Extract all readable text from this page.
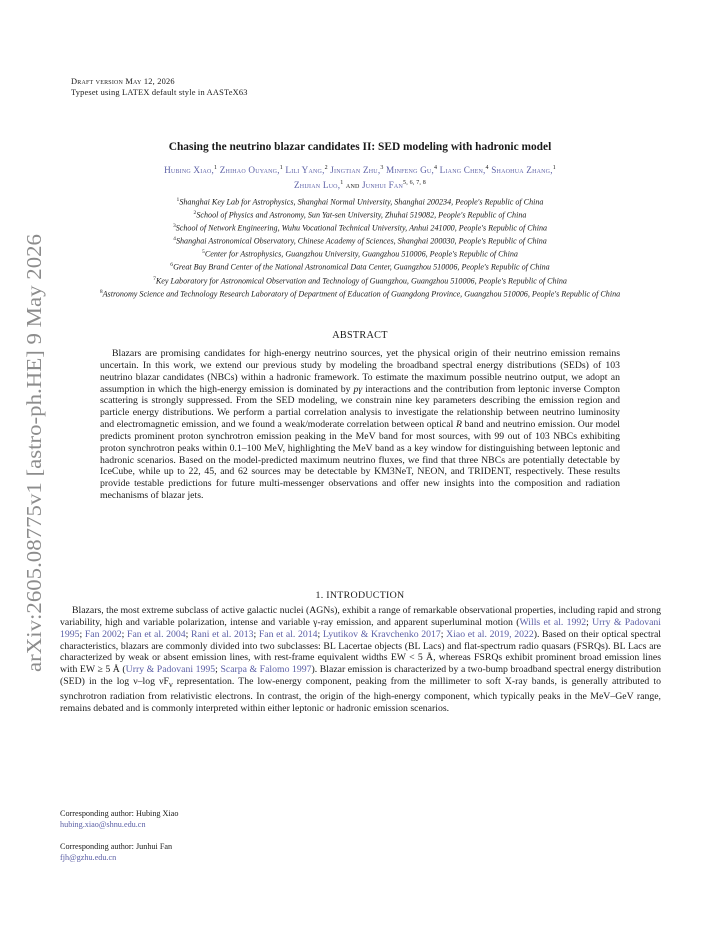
Draft version May 12, 2026
Typeset using LATEX default style in AASTeX63
arXiv:2605.08775v1 [astro-ph.HE] 9 May 2026
Chasing the neutrino blazar candidates II: SED modeling with hadronic model
Hubing Xiao,$^1$ Zhihao Ouyang,$^1$ Lili Yang,$^2$ Jingtian Zhu,$^3$ Minfeng Gu,$^4$ Liang Chen,$^4$ Shaohua Zhang,$^1$
Zhijian Luo,$^1$ and Junhui Fan$^{5, 6, 7, 8}$
$^1$Shanghai Key Lab for Astrophysics, Shanghai Normal University, Shanghai 200234, People's Republic of China
$^2$School of Physics and Astronomy, Sun Yat-sen University, Zhuhai 519082, People's Republic of China
$^3$School of Network Engineering, Wuhu Vocational Technical University, Anhui 241000, People's Republic of China
$^4$Shanghai Astronomical Observatory, Chinese Academy of Sciences, Shanghai 200030, People's Republic of China
$^5$Center for Astrophysics, Guangzhou University, Guangzhou 510006, People's Republic of China
$^6$Great Bay Brand Center of the National Astronomical Data Center, Guangzhou 510006, People's Republic of China
$^7$Key Laboratory for Astronomical Observation and Technology of Guangzhou, Guangzhou 510006, People's Republic of China
$^8$Astronomy Science and Technology Research Laboratory of Department of Education of Guangdong Province, Guangzhou 510006, People's Republic of China
ABSTRACT
Blazars are promising candidates for high-energy neutrino sources, yet the physical origin of their neutrino emission remains uncertain. In this work, we extend our previous study by modeling the broadband spectral energy distributions (SEDs) of 103 neutrino blazar candidates (NBCs) within a hadronic framework. To estimate the maximum possible neutrino output, we adopt an assumption in which the high-energy emission is dominated by pγ interactions and the contribution from leptonic inverse Compton scattering is strongly suppressed. From the SED modeling, we constrain nine key parameters describing the emission region and particle energy distributions. We perform a partial correlation analysis to investigate the relationship between neutrino luminosity and electromagnetic emission, and we found a weak/moderate correlation between optical R band and neutrino emission. Our model predicts prominent proton synchrotron emission peaking in the MeV band for most sources, with 99 out of 103 NBCs exhibiting proton synchrotron peaks within 0.1–100 MeV, highlighting the MeV band as a key window for distinguishing between leptonic and hadronic scenarios. Based on the model-predicted maximum neutrino fluxes, we find that three NBCs are potentially detectable by IceCube, while up to 22, 45, and 62 sources may be detectable by KM3NeT, NEON, and TRIDENT, respectively. These results provide testable predictions for future multi-messenger observations and offer new insights into the composition and radiation mechanisms of blazar jets.
1. INTRODUCTION
Blazars, the most extreme subclass of active galactic nuclei (AGNs), exhibit a range of remarkable observational properties, including rapid and strong variability, high and variable polarization, intense and variable γ-ray emission, and apparent superluminal motion (Wills et al. 1992; Urry & Padovani 1995; Fan 2002; Fan et al. 2004; Rani et al. 2013; Fan et al. 2014; Lyutikov & Kravchenko 2017; Xiao et al. 2019, 2022). Based on their optical spectral characteristics, blazars are commonly divided into two subclasses: BL Lacertae objects (BL Lacs) and flat-spectrum radio quasars (FSRQs). BL Lacs are characterized by weak or absent emission lines, with rest-frame equivalent widths EW < 5 Å, whereas FSRQs exhibit prominent broad emission lines with EW ≥ 5 Å (Urry & Padovani 1995; Scarpa & Falomo 1997). Blazar emission is characterized by a two-bump broadband spectral energy distribution (SED) in the log ν–log $\nu F_\nu$ representation. The low-energy component, peaking from the millimeter to soft X-ray bands, is generally attributed to synchrotron radiation from relativistic electrons. In contrast, the origin of the high-energy component, which typically peaks in the MeV–GeV range, remains debated and is commonly interpreted within either leptonic or hadronic emission scenarios.
Corresponding author: Hubing Xiao
hubing.xiao@shnu.edu.cn
Corresponding author: Junhui Fan
fjh@gzhu.edu.cn
